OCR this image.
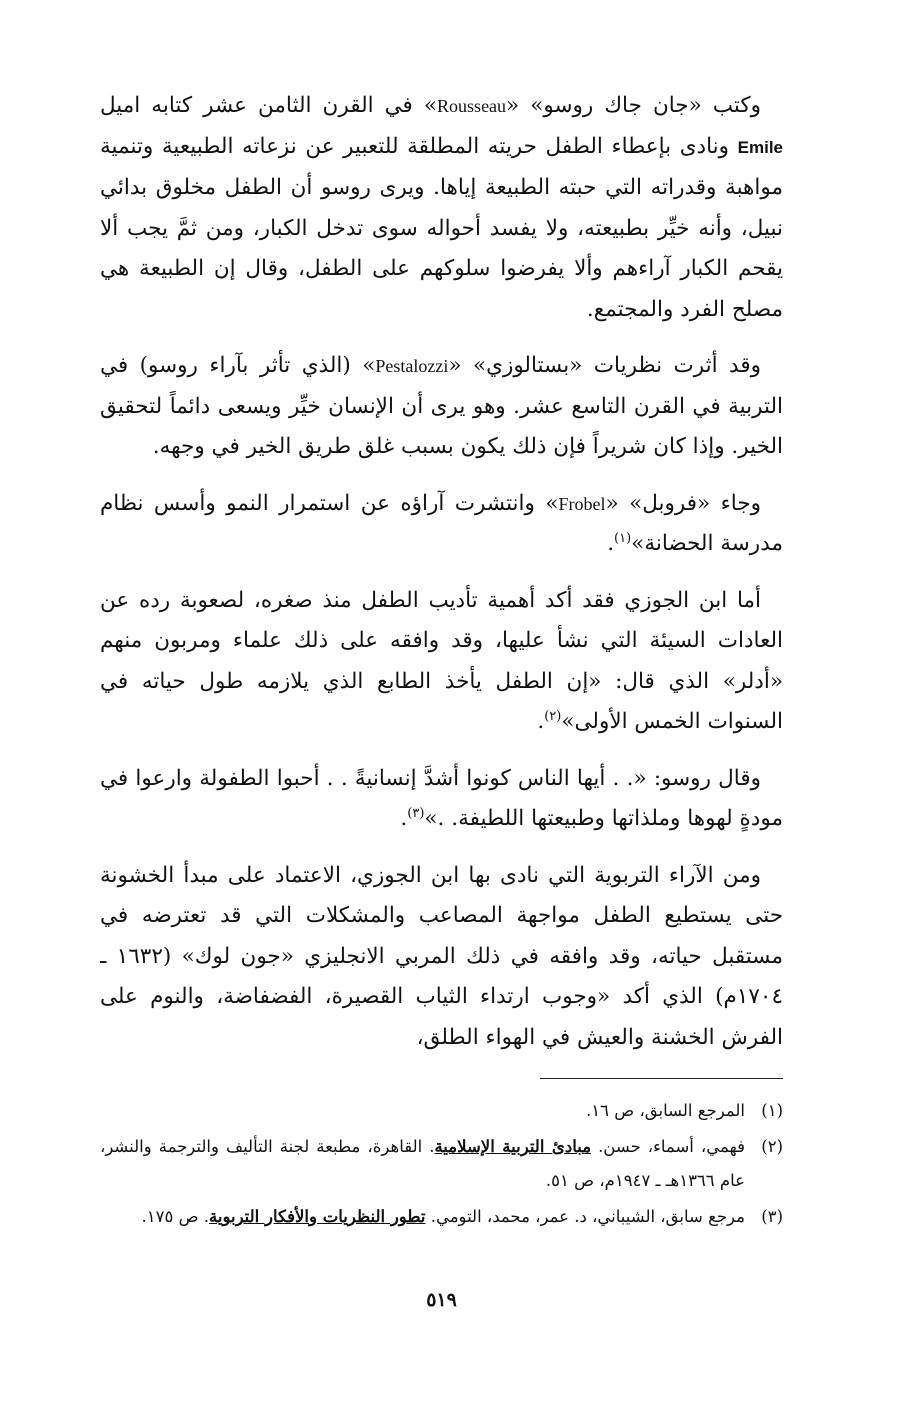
وكتب «جان جاك روسو» «Rousseau» في القرن الثامن عشر كتابه اميل Emile ونادى بإعطاء الطفل حريته المطلقة للتعبير عن نزعاته الطبيعية وتنمية مواهبة وقدراته التي حبته الطبيعة إياها. ويرى روسو أن الطفل مخلوق بدائي نبيل، وأنه خيِّر بطبيعته، ولا يفسد أحواله سوى تدخل الكبار، ومن ثمَّ يجب ألا يقحم الكبار آراءهم وألا يفرضوا سلوكهم على الطفل، وقال إن الطبيعة هي مصلح الفرد والمجتمع.

وقد أثرت نظريات «بستالوزي» «Pestalozzi» (الذي تأثر بآراء روسو) في التربية في القرن التاسع عشر. وهو يرى أن الإنسان خيِّر ويسعى دائماً لتحقيق الخير. وإذا كان شريراً فإن ذلك يكون بسبب غلق طريق الخير في وجهه.

وجاء «فروبل» «Frobel» وانتشرت آراؤه عن استمرار النمو وأسس نظام مدرسة الحضانة»$^{(١)}$.

أما ابن الجوزي فقد أكد أهمية تأديب الطفل منذ صغره، لصعوبة رده عن العادات السيئة التي نشأ عليها، وقد وافقه على ذلك علماء ومربون منهم «أدلر» الذي قال: «إن الطفل يأخذ الطابع الذي يلازمه طول حياته في السنوات الخمس الأولى»$^{(٢)}$.

وقال روسو: «. . أيها الناس كونوا أشدَّ إنسانيةً . . أحبوا الطفولة وارعوا في مودةٍ لهوها وملذاتها وطبيعتها اللطيفة. .»$^{(٣)}$.

ومن الآراء التربوية التي نادى بها ابن الجوزي، الاعتماد على مبدأ الخشونة حتى يستطيع الطفل مواجهة المصاعب والمشكلات التي قد تعترضه في مستقبل حياته، وقد وافقه في ذلك المربي الانجليزي «جون لوك» (١٦٣٢ ـ ١٧٠٤م) الذي أكد «وجوب ارتداء الثياب القصيرة، الفضفاضة، والنوم على الفرش الخشنة والعيش في الهواء الطلق،

(١)
المرجع السابق، ص ١٦.
(٢)
فهمي، أسماء، حسن. مبادئ التربية الإسلامية. القاهرة، مطبعة لجنة التأليف والترجمة والنشر، عام ١٣٦٦هـ ـ ١٩٤٧م، ص ٥١.
(٣)
مرجع سابق، الشيباني، د. عمر، محمد، التومي. تطور النظريات والأفكار التربوية. ص ١٧٥.
٥١٩
